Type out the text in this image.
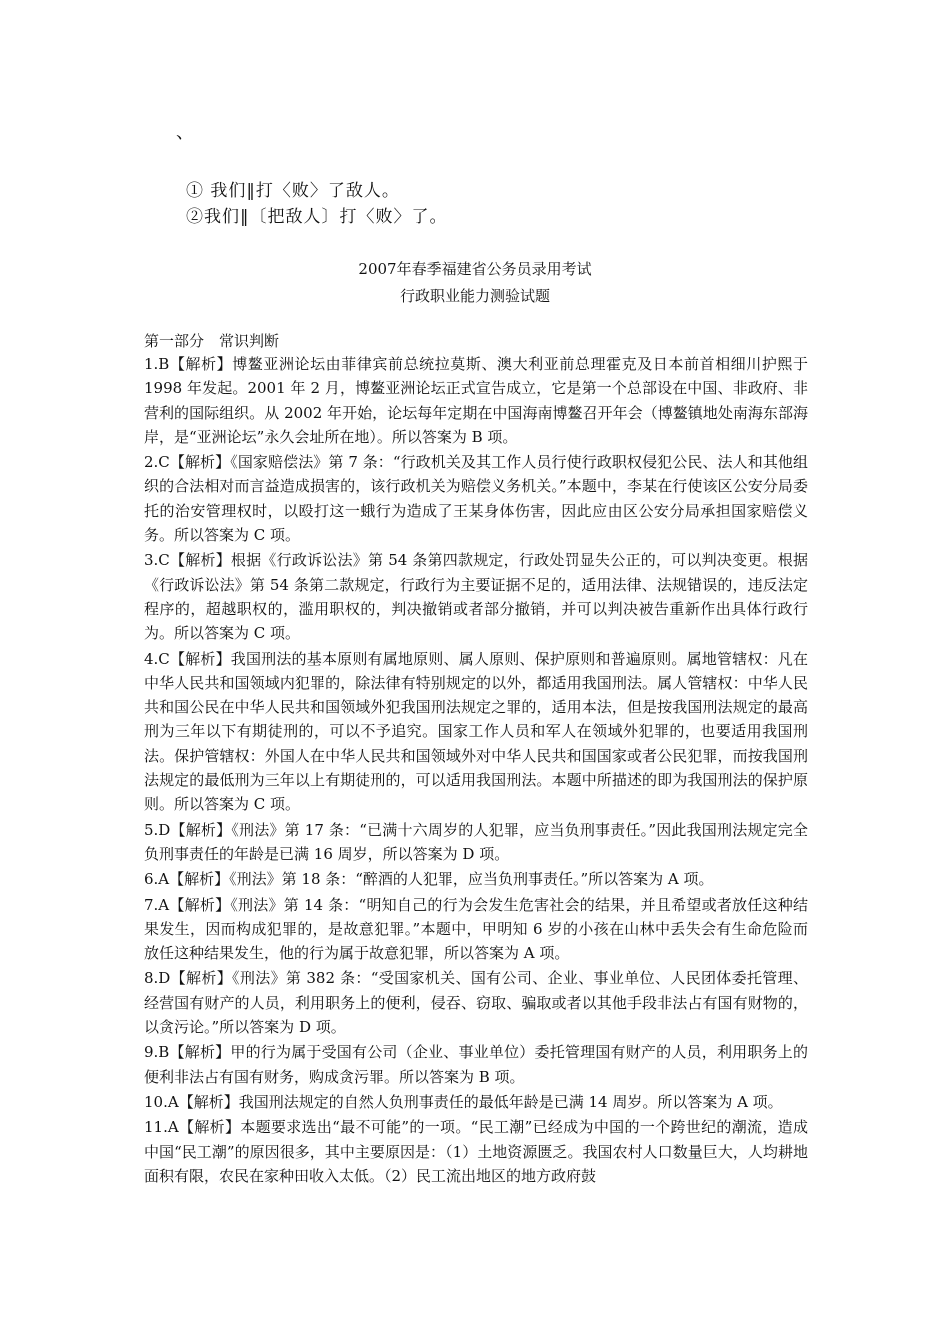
、
① 我们‖打〈败〉了敌人。
②我们‖〔把敌人〕打〈败〉了。
2007年春季福建省公务员录用考试
行政职业能力测验试题
第一部分　常识判断

1.B【解析】博鳌亚洲论坛由菲律宾前总统拉莫斯、澳大利亚前总理霍克及日本前首相细川护熙于 1998 年发起。2001 年 2 月，博鳌亚洲论坛正式宣告成立，它是第一个总部设在中国、非政府、非营利的国际组织。从 2002 年开始，论坛每年定期在中国海南博鳌召开年会（博鳌镇地处南海东部海岸，是“亚洲论坛”永久会址所在地）。所以答案为 B 项。

2.C【解析】《国家赔偿法》第 7 条：“行政机关及其工作人员行使行政职权侵犯公民、法人和其他组织的合法相对而言益造成损害的，该行政机关为赔偿义务机关。”本题中，李某在行使该区公安分局委托的治安管理权时，以殴打这一蛾行为造成了王某身体伤害，因此应由区公安分局承担国家赔偿义务。所以答案为 C 项。

3.C【解析】根据《行政诉讼法》第 54 条第四款规定，行政处罚显失公正的，可以判决变更。根据《行政诉讼法》第 54 条第二款规定，行政行为主要证据不足的，适用法律、法规错误的，违反法定程序的，超越职权的，滥用职权的，判决撤销或者部分撤销，并可以判决被告重新作出具体行政行为。所以答案为 C 项。

4.C【解析】我国刑法的基本原则有属地原则、属人原则、保护原则和普遍原则。属地管辖权：凡在中华人民共和国领域内犯罪的，除法律有特别规定的以外，都适用我国刑法。属人管辖权：中华人民共和国公民在中华人民共和国领域外犯我国刑法规定之罪的，适用本法，但是按我国刑法规定的最高刑为三年以下有期徒刑的，可以不予追究。国家工作人员和军人在领域外犯罪的，也要适用我国刑法。保护管辖权：外国人在中华人民共和国领域外对中华人民共和国国家或者公民犯罪，而按我国刑法规定的最低刑为三年以上有期徒刑的，可以适用我国刑法。本题中所描述的即为我国刑法的保护原则。所以答案为 C 项。

5.D【解析】《刑法》第 17 条：“已满十六周岁的人犯罪，应当负刑事责任。”因此我国刑法规定完全负刑事责任的年龄是已满 16 周岁，所以答案为 D 项。

6.A【解析】《刑法》第 18 条：“醉酒的人犯罪，应当负刑事责任。”所以答案为 A 项。

7.A【解析】《刑法》第 14 条：“明知自己的行为会发生危害社会的结果，并且希望或者放任这种结果发生，因而构成犯罪的，是故意犯罪。”本题中，甲明知 6 岁的小孩在山林中丢失会有生命危险而放任这种结果发生，他的行为属于故意犯罪，所以答案为 A 项。

8.D【解析】《刑法》第 382 条：“受国家机关、国有公司、企业、事业单位、人民团体委托管理、经营国有财产的人员，利用职务上的便利，侵吞、窃取、骗取或者以其他手段非法占有国有财物的，以贪污论。”所以答案为 D 项。

9.B【解析】甲的行为属于受国有公司（企业、事业单位）委托管理国有财产的人员，利用职务上的便利非法占有国有财务，购成贪污罪。所以答案为 B 项。

10.A【解析】我国刑法规定的自然人负刑事责任的最低年龄是已满 14 周岁。所以答案为 A 项。

11.A【解析】本题要求选出“最不可能”的一项。“民工潮”已经成为中国的一个跨世纪的潮流，造成中国“民工潮”的原因很多，其中主要原因是：（1）土地资源匮乏。我国农村人口数量巨大，人均耕地面积有限，农民在家种田收入太低。（2）民工流出地区的地方政府鼓
